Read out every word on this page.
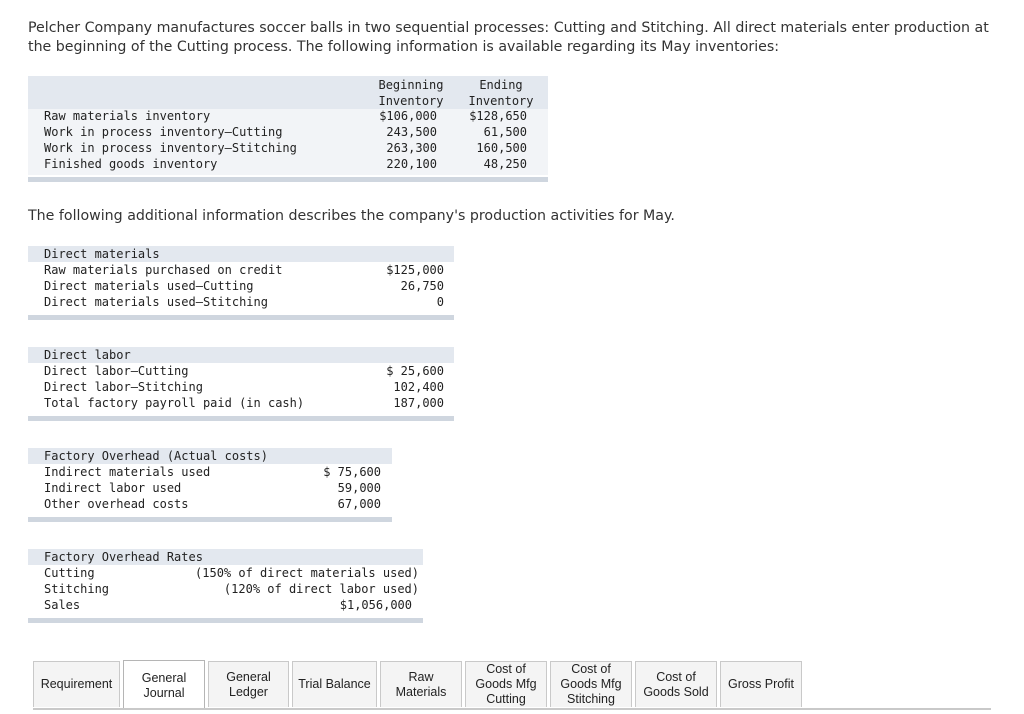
Pelcher Company manufactures soccer balls in two sequential processes: Cutting and Stitching. All direct materials enter production at the beginning of the Cutting process. The following information is available regarding its May inventories:
Beginning
Inventory
Ending
Inventory
Raw materials inventory	$106,000	$128,650
Work in process inventory—Cutting	243,500	61,500
Work in process inventory—Stitching	263,300	160,500
Finished goods inventory	220,100	48,250
The following additional information describes the company's production activities for May.
Direct materials
Raw materials purchased on credit	$125,000
Direct materials used—Cutting	26,750
Direct materials used—Stitching	0
Direct labor
Direct labor—Cutting	$ 25,600
Direct labor—Stitching	102,400
Total factory payroll paid (in cash)	187,000
Factory Overhead (Actual costs)
Indirect materials used	$ 75,600
Indirect labor used	59,000
Other overhead costs	67,000
Factory Overhead Rates
Cutting	(150% of direct materials used)
Stitching	(120% of direct labor used)
Sales	$1,056,000
Requirement General
Journal
General
Ledger
Trial Balance
Raw
Materials
Cost of
Goods Mfg
Cutting
Cost of
Goods Mfg
Stitching
Cost of
Goods Sold
Gross Profit
